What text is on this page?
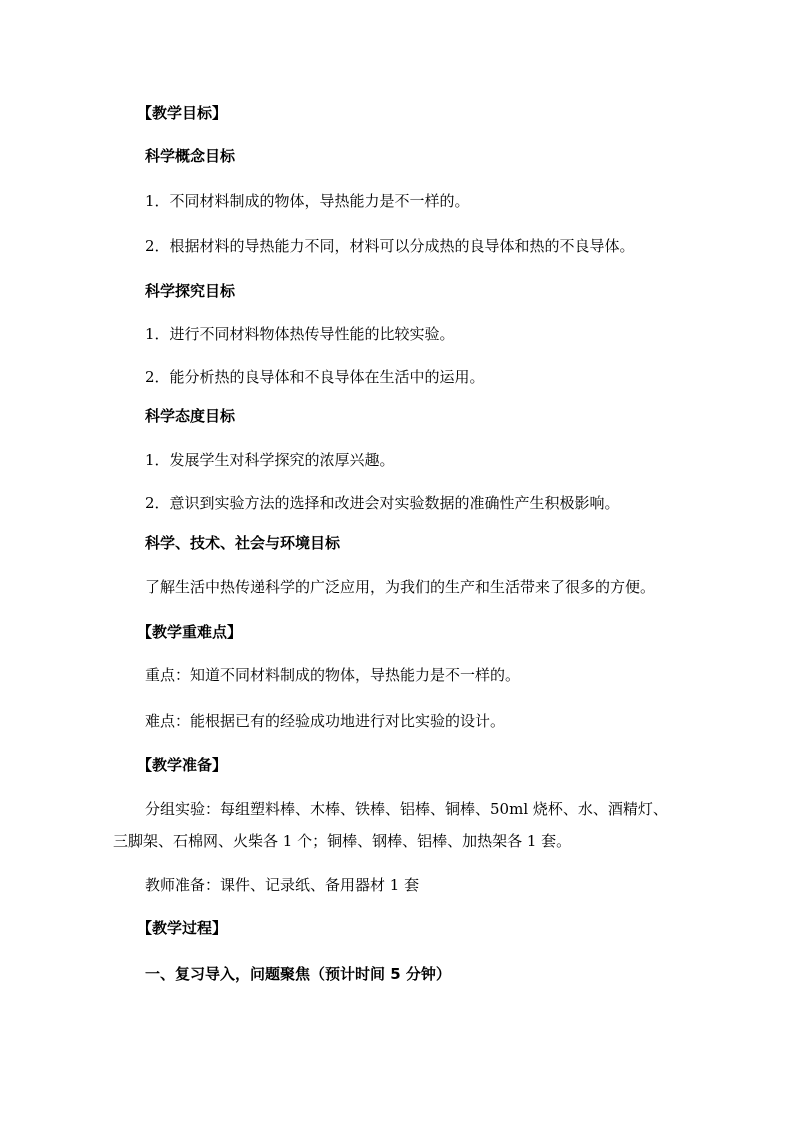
【教学目标】
科学概念目标
1．不同材料制成的物体，导热能力是不一样的。
2．根据材料的导热能力不同，材料可以分成热的良导体和热的不良导体。
科学探究目标
1．进行不同材料物体热传导性能的比较实验。
2．能分析热的良导体和不良导体在生活中的运用。
科学态度目标
1．发展学生对科学探究的浓厚兴趣。
2．意识到实验方法的选择和改进会对实验数据的准确性产生积极影响。
科学、技术、社会与环境目标
了解生活中热传递科学的广泛应用，为我们的生产和生活带来了很多的方便。
【教学重难点】
重点：知道不同材料制成的物体，导热能力是不一样的。
难点：能根据已有的经验成功地进行对比实验的设计。
【教学准备】
分组实验：每组塑料棒、木棒、铁棒、铝棒、铜棒、50ml 烧杯、水、酒精灯、
三脚架、石棉网、火柴各 1 个；铜棒、钢棒、铝棒、加热架各 1 套。
教师准备：课件、记录纸、备用器材 1 套
【教学过程】
一、复习导入，问题聚焦（预计时间 5 分钟）
